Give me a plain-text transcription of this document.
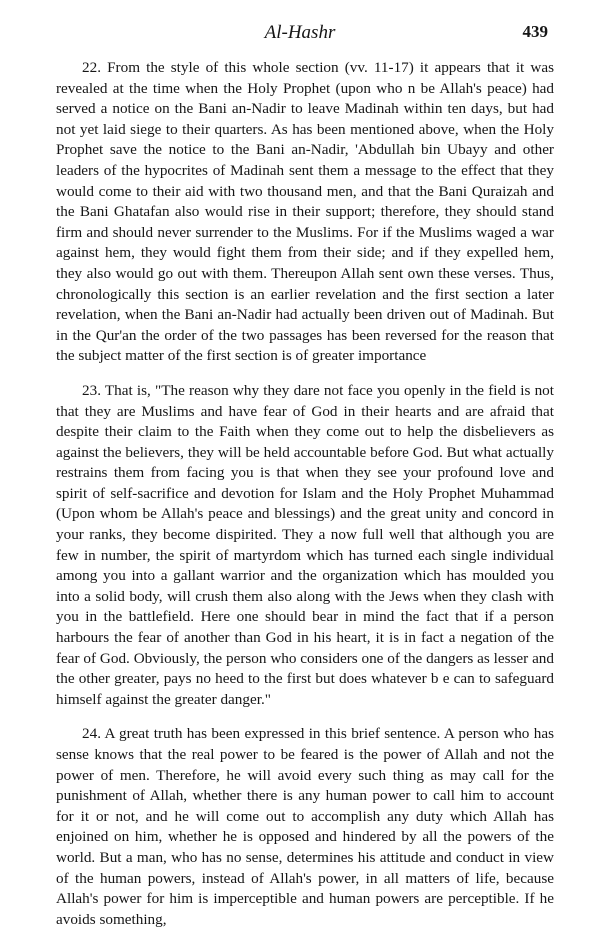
Al-Hashr	439

22. From the style of this whole section (vv. 11-17) it appears that it was revealed at the time when the Holy Prophet (upon who n be Allah's peace) had served a notice on the Bani an-Nadir to leave Madinah within ten days, but had not yet laid siege to their quarters. As has been mentioned above, when the Holy Prophet save the notice to the Bani an-Nadir, 'Abdullah bin Ubayy and other leaders of the hypocrites of Madinah sent them a message to the effect that they would come to their aid with two thousand men, and that the Bani Quraizah and the Bani Ghatafan also would rise in their support; therefore, they should stand firm and should never surrender to the Muslims. For if the Muslims waged a war against hem, they would fight them from their side; and if they expelled hem, they also would go out with them. Thereupon Allah sent own these verses. Thus, chronologically this section is an earlier revelation and the first section a later revelation, when the Bani an-Nadir had actually been driven out of Madinah. But in the Qur'an the order of the two passages has been reversed for the reason that the subject matter of the first section is of greater importance

23. That is, "The reason why they dare not face you openly in the field is not that they are Muslims and have fear of God in their hearts and are afraid that despite their claim to the Faith when they come out to help the disbelievers as against the believers, they will be held accountable before God. But what actually restrains them from facing you is that when they see your profound love and spirit of self-sacrifice and devotion for Islam and the Holy Prophet Muhammad (Upon whom be Allah's peace and blessings) and the great unity and concord in your ranks, they become dispirited. They a now full well that although you are few in number, the spirit of martyrdom which has turned each single individual among you into a gallant warrior and the organization which has moulded you into a solid body, will crush them also along with the Jews when they clash with you in the battlefield. Here one should bear in mind the fact that if a person harbours the fear of another than God in his heart, it is in fact a negation of the fear of God. Obviously, the person who considers one of the dangers as lesser and the other greater, pays no heed to the first but does whatever b e can to safeguard himself against the greater danger."

24. A great truth has been expressed in this brief sentence. A person who has sense knows that the real power to be feared is the power of Allah and not the power of men. Therefore, he will avoid every such thing as may call for the punishment of Allah, whether there is any human power to call him to account for it or not, and he will come out to accomplish any duty which Allah has enjoined on him, whether he is opposed and hindered by all the powers of the world. But a man, who has no sense, determines his attitude and conduct in view of the human powers, instead of Allah's power, in all matters of life, because Allah's power for him is imperceptible and human powers are perceptible. If he avoids something,
